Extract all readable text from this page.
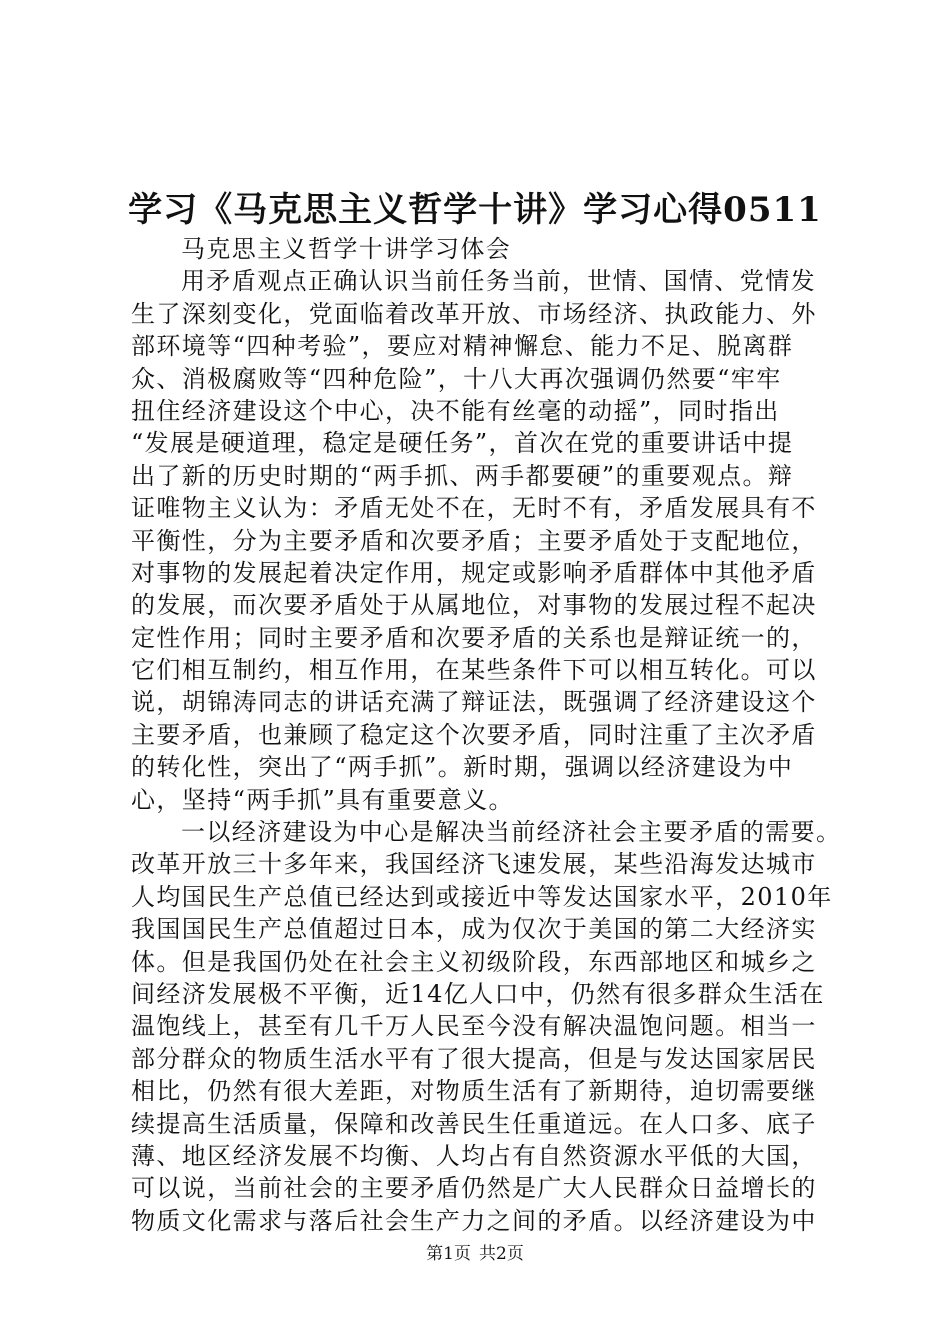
学习《马克思主义哲学十讲》学习心得0511
马克思主义哲学十讲学习体会
用矛盾观点正确认识当前任务当前，世情、国情、党情发
生了深刻变化，党面临着改革开放、市场经济、执政能力、外
部环境等“四种考验”，要应对精神懈怠、能力不足、脱离群
众、消极腐败等“四种危险”，十八大再次强调仍然要“牢牢
扭住经济建设这个中心，决不能有丝毫的动摇”，同时指出
“发展是硬道理，稳定是硬任务”，首次在党的重要讲话中提
出了新的历史时期的“两手抓、两手都要硬”的重要观点。辩
证唯物主义认为：矛盾无处不在，无时不有，矛盾发展具有不
平衡性，分为主要矛盾和次要矛盾；主要矛盾处于支配地位，
对事物的发展起着决定作用，规定或影响矛盾群体中其他矛盾
的发展，而次要矛盾处于从属地位，对事物的发展过程不起决
定性作用；同时主要矛盾和次要矛盾的关系也是辩证统一的，
它们相互制约，相互作用，在某些条件下可以相互转化。可以
说，胡锦涛同志的讲话充满了辩证法，既强调了经济建设这个
主要矛盾，也兼顾了稳定这个次要矛盾，同时注重了主次矛盾
的转化性，突出了“两手抓”。新时期，强调以经济建设为中
心，坚持“两手抓”具有重要意义。
一以经济建设为中心是解决当前经济社会主要矛盾的需要。
改革开放三十多年来，我国经济飞速发展，某些沿海发达城市
人均国民生产总值已经达到或接近中等发达国家水平，2010年
我国国民生产总值超过日本，成为仅次于美国的第二大经济实
体。但是我国仍处在社会主义初级阶段，东西部地区和城乡之
间经济发展极不平衡，近14亿人口中，仍然有很多群众生活在
温饱线上，甚至有几千万人民至今没有解决温饱问题。相当一
部分群众的物质生活水平有了很大提高，但是与发达国家居民
相比，仍然有很大差距，对物质生活有了新期待，迫切需要继
续提高生活质量，保障和改善民生任重道远。在人口多、底子
薄、地区经济发展不均衡、人均占有自然资源水平低的大国，
可以说，当前社会的主要矛盾仍然是广大人民群众日益增长的
物质文化需求与落后社会生产力之间的矛盾。以经济建设为中
第1页 共2页
